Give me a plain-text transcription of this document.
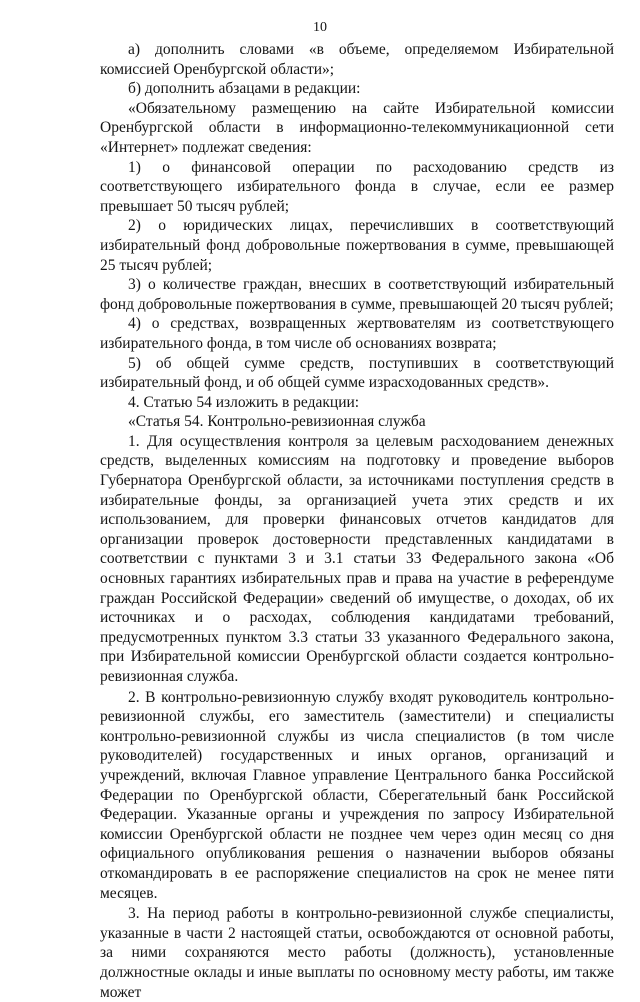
10

а) дополнить словами «в объеме, определяемом Избирательной комиссией Оренбургской области»;

б) дополнить абзацами в редакции:

«Обязательному размещению на сайте Избирательной комиссии Оренбургской области в информационно-телекоммуникационной сети «Интернет» подлежат сведения:

1) о финансовой операции по расходованию средств из соответствующего избирательного фонда в случае, если ее размер превышает 50 тысяч рублей;

2) о юридических лицах, перечисливших в соответствующий избирательный фонд добровольные пожертвования в сумме, превышающей 25 тысяч рублей;

3) о количестве граждан, внесших в соответствующий избирательный фонд добровольные пожертвования в сумме, превышающей 20 тысяч рублей;

4) о средствах, возвращенных жертвователям из соответствующего избирательного фонда, в том числе об основаниях возврата;

5) об общей сумме средств, поступивших в соответствующий избирательный фонд, и об общей сумме израсходованных средств».

4. Статью 54 изложить в редакции:

«Статья 54. Контрольно-ревизионная служба

1. Для осуществления контроля за целевым расходованием денежных средств, выделенных комиссиям на подготовку и проведение выборов Губернатора Оренбургской области, за источниками поступления средств в избирательные фонды, за организацией учета этих средств и их использованием, для проверки финансовых отчетов кандидатов для организации проверок достоверности представленных кандидатами в соответствии с пунктами 3 и 3.1 статьи 33 Федерального закона «Об основных гарантиях избирательных прав и права на участие в референдуме граждан Российской Федерации» сведений об имуществе, о доходах, об их источниках и о расходах, соблюдения кандидатами требований, предусмотренных пунктом 3.3 статьи 33 указанного Федерального закона, при Избирательной комиссии Оренбургской области создается контрольно-ревизионная служба.

2. В контрольно-ревизионную службу входят руководитель контрольно-ревизионной службы, его заместитель (заместители) и специалисты контрольно-ревизионной службы из числа специалистов (в том числе руководителей) государственных и иных органов, организаций и учреждений, включая Главное управление Центрального банка Российской Федерации по Оренбургской области, Сберегательный банк Российской Федерации. Указанные органы и учреждения по запросу Избирательной комиссии Оренбургской области не позднее чем через один месяц со дня официального опубликования решения о назначении выборов обязаны откомандировать в ее распоряжение специалистов на срок не менее пяти месяцев.

3. На период работы в контрольно-ревизионной службе специалисты, указанные в части 2 настоящей статьи, освобождаются от основной работы, за ними сохраняются место работы (должность), установленные должностные оклады и иные выплаты по основному месту работы, им также может
